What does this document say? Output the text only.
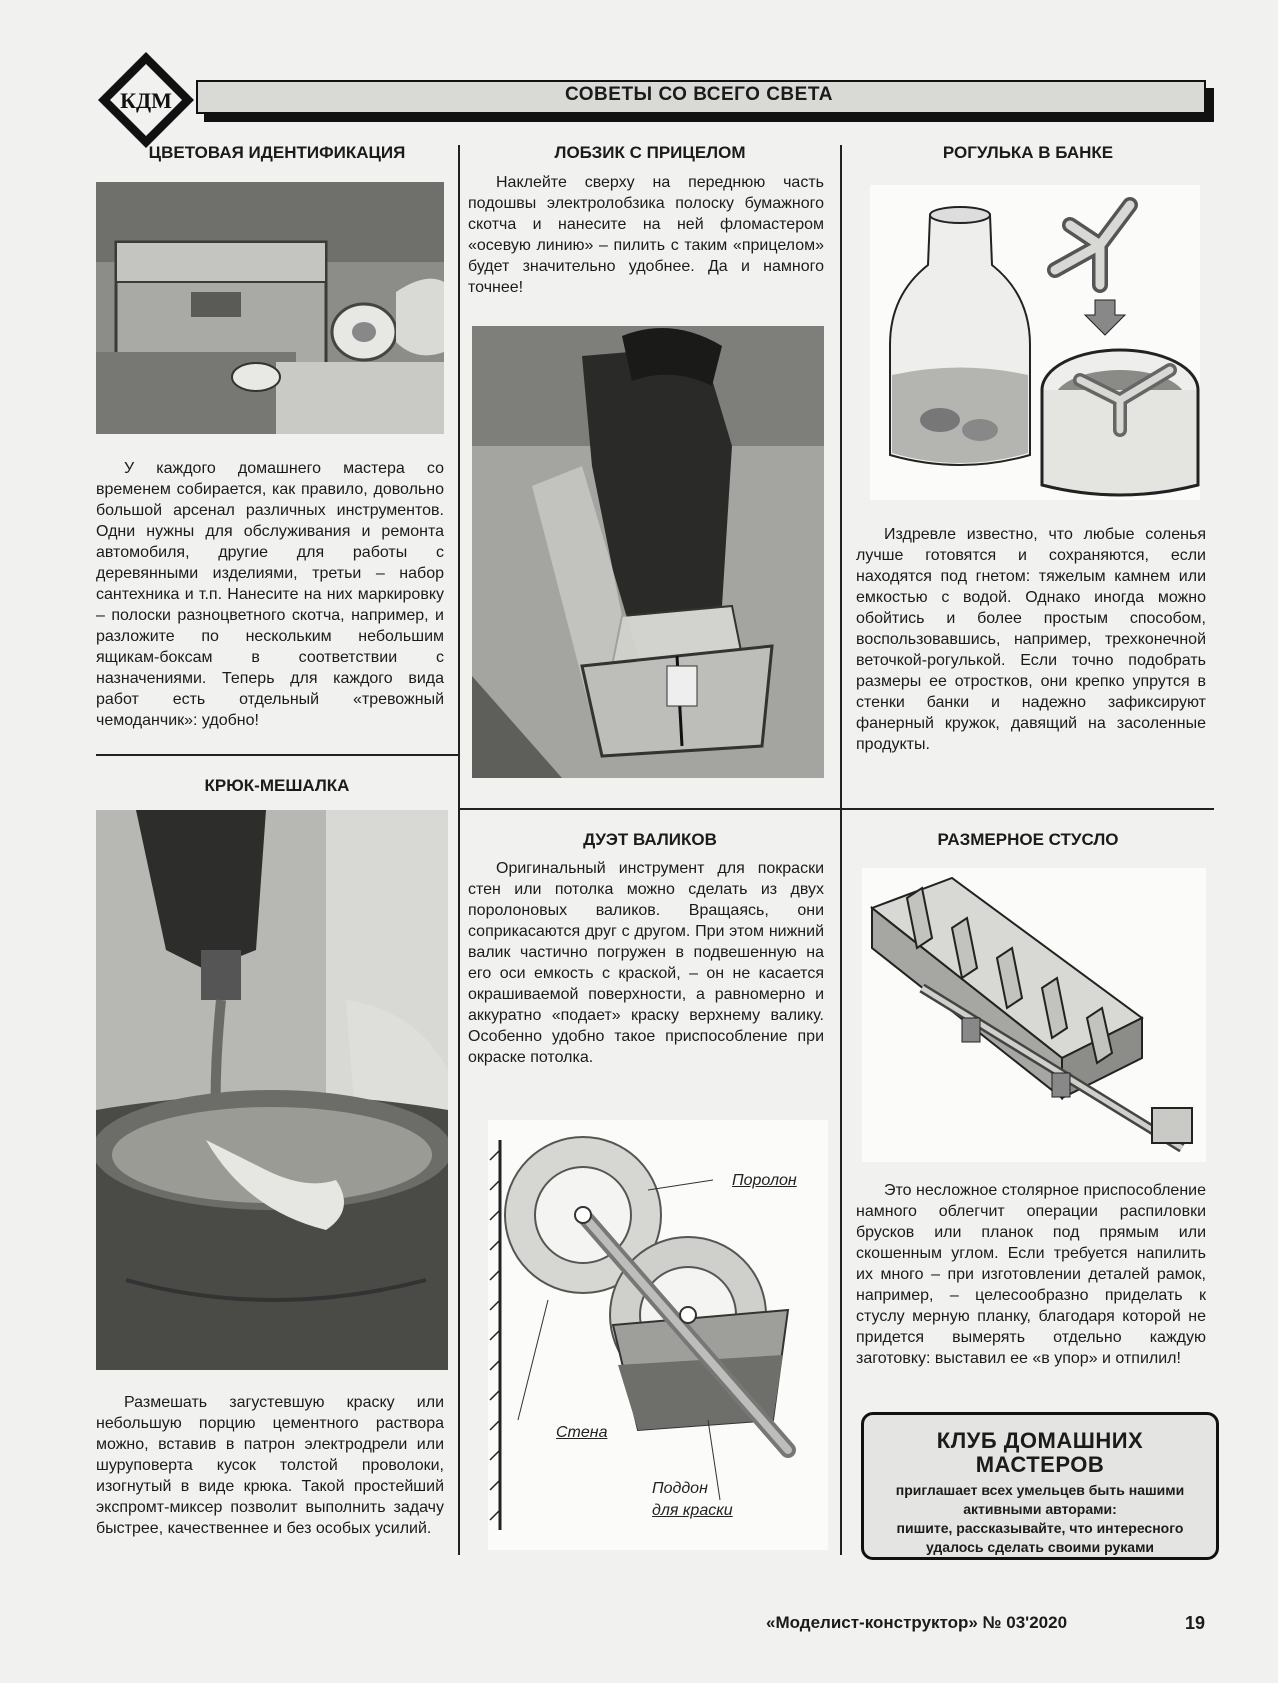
КДМ	СОВЕТЫ СО ВСЕГО СВЕТА
ЦВЕТОВАЯ ИДЕНТИФИКАЦИЯ

У каждого домашнего мастера со временем собирается, как правило, довольно большой арсенал различных инструментов. Одни нужны для обслуживания и ремонта автомобиля, другие для работы с деревянными изделиями, третьи – набор сантехника и т.п. Нанесите на них маркировку – полоски разноцветного скотча, например, и разложите по нескольким небольшим ящикам-боксам в соответствии с назначениями. Теперь для каждого вида работ есть отдельный «тревожный чемоданчик»: удобно!

КРЮК-МЕШАЛКА

Размешать загустевшую краску или небольшую порцию цементного раствора можно, вставив в патрон электродрели или шуруповерта кусок толстой проволоки, изогнутый в виде крюка. Такой простейший экспромт-миксер позволит выполнить задачу быстрее, качественнее и без особых усилий.

ЛОБЗИК С ПРИЦЕЛОМ

Наклейте сверху на переднюю часть подошвы электролобзика полоску бумажного скотча и нанесите на ней фломастером «осевую линию» – пилить с таким «прицелом» будет значительно удобнее. Да и намного точнее!

ДУЭТ ВАЛИКОВ

Оригинальный инструмент для покраски стен или потолка можно сделать из двух поролоновых валиков. Вращаясь, они соприкасаются друг с другом. При этом нижний валик частично погружен в подвешенную на его оси емкость с краской, – он не касается окрашиваемой поверхности, а равномерно и аккуратно «подает» краску верхнему валику. Особенно удобно такое приспособление при окраске потолка.

Поролон
Стена
Поддон
для краски
РОГУЛЬКА В БАНКЕ

Издревле известно, что любые соленья лучше готовятся и сохраняются, если находятся под гнетом: тяжелым камнем или емкостью с водой. Однако иногда можно обойтись и более простым способом, воспользовавшись, например, трехконечной веточкой-рогулькой. Если точно подобрать размеры ее отростков, они крепко упрутся в стенки банки и надежно зафиксируют фанерный кружок, давящий на засоленные продукты.

РАЗМЕРНОЕ СТУСЛО

Это несложное столярное приспособление намного облегчит операции распиловки брусков или планок под прямым или скошенным углом. Если требуется напилить их много – при изготовлении деталей рамок, например, – целесообразно приделать к стуслу мерную планку, благодаря которой не придется вымерять отдельно каждую заготовку: выставил ее «в упор» и отпилил!

КЛУБ ДОМАШНИХ
МАСТЕРОВ
приглашает всех умельцев быть нашими
активными авторами:
пишите, рассказывайте, что интересного
удалось сделать своими руками
«Моделист-конструктор» № 03'2020	19
